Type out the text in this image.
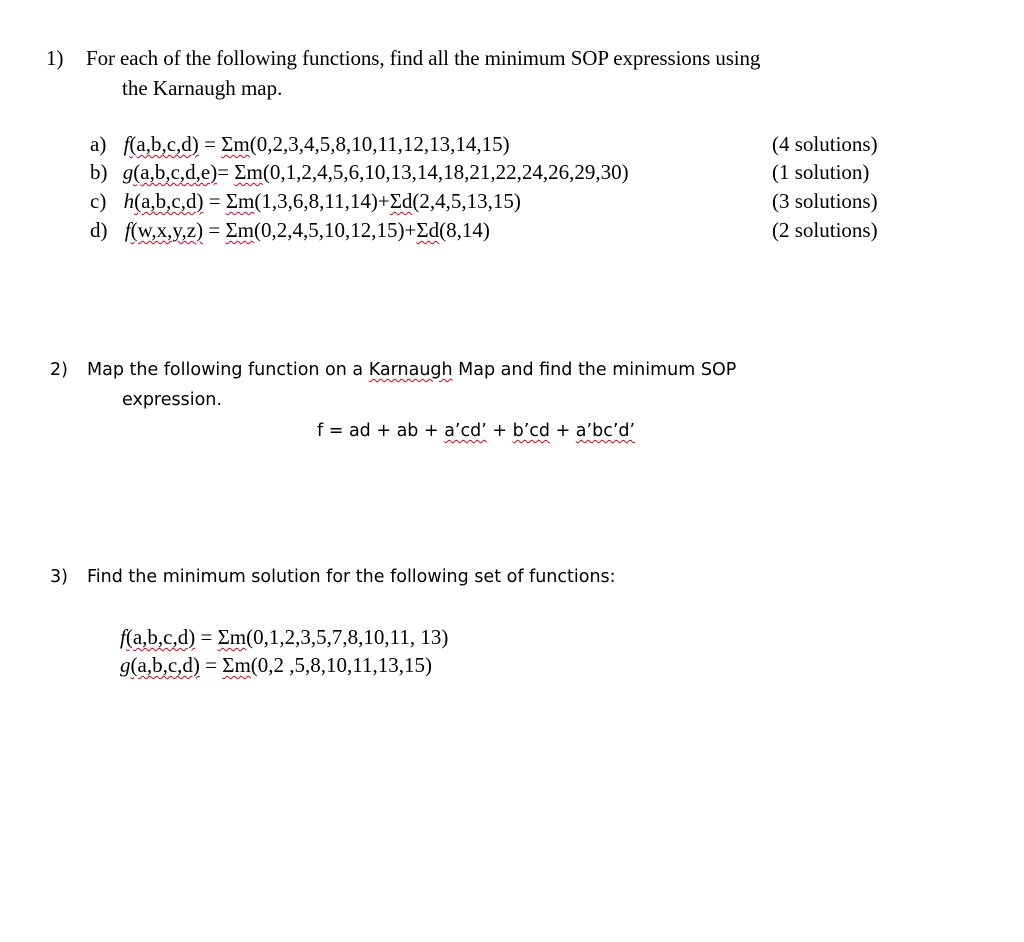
1) For each of the following functions, find all the minimum SOP expressions using
the Karnaugh map.
a) f(a,b,c,d) = Σm(0,2,3,4,5,8,10,11,12,13,14,15)
b) g(a,b,c,d,e)= Σm(0,1,2,4,5,6,10,13,14,18,21,22,24,26,29,30)
c) h(a,b,c,d) = Σm(1,3,6,8,11,14)+Σd(2,4,5,13,15)
d) f(w,x,y,z) = Σm(0,2,4,5,10,12,15)+Σd(8,14)
(4 solutions)
(1 solution)
(3 solutions)
(2 solutions)
2) Map the following function on a Karnaugh Map and find the minimum SOP
expression.
f = ad + ab + a’cd’ + b’cd + a’bc’d’
3) Find the minimum solution for the following set of functions:
f(a,b,c,d) = Σm(0,1,2,3,5,7,8,10,11, 13)
g(a,b,c,d) = Σm(0,2 ,5,8,10,11,13,15)
